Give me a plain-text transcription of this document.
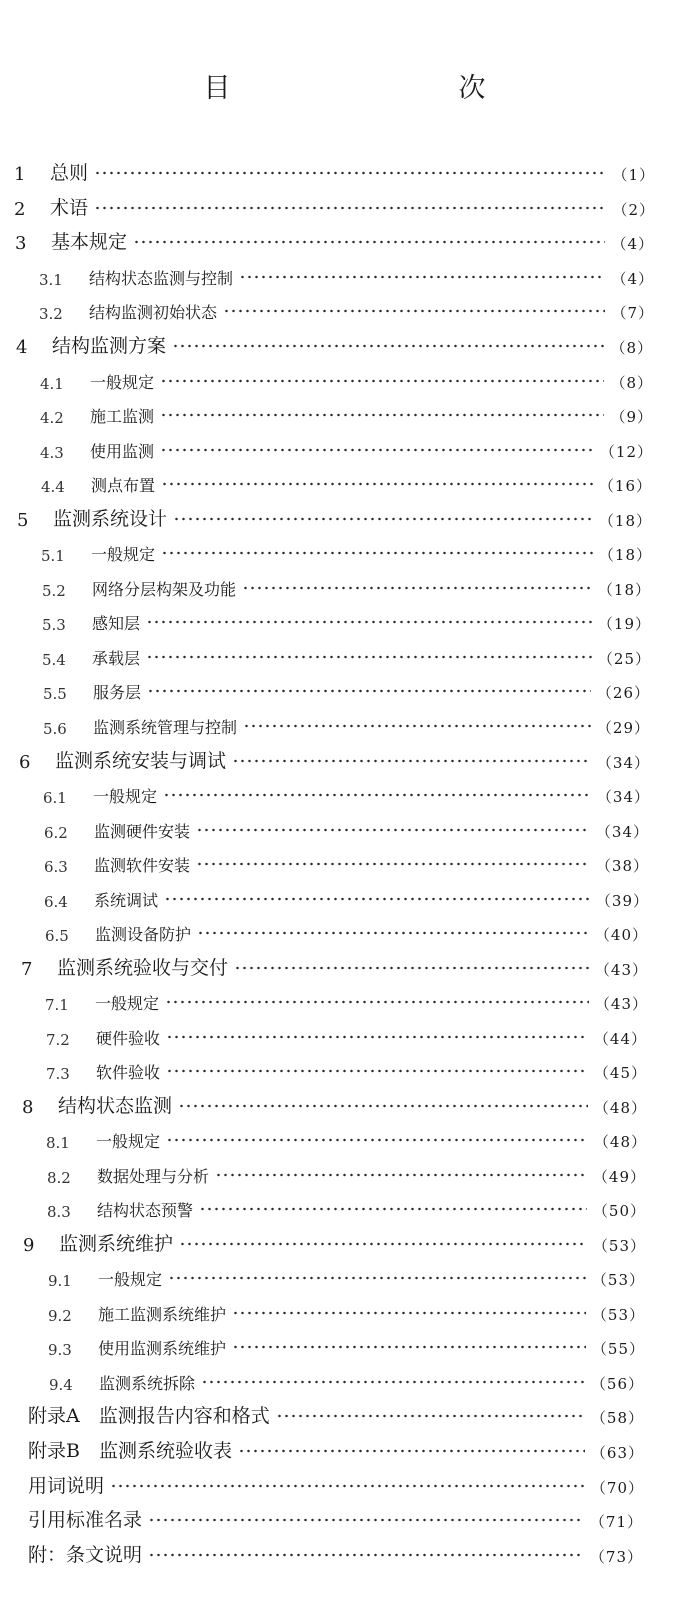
目　　次
1	总则	（1）
2	术语	（2）
3	基本规定	（4）
3.1	结构状态监测与控制	（4）
3.2	结构监测初始状态	（7）
4	结构监测方案	（8）
4.1	一般规定	（8）
4.2	施工监测	（9）
4.3	使用监测	（12）
4.4	测点布置	（16）
5	监测系统设计	（18）
5.1	一般规定	（18）
5.2	网络分层构架及功能	（18）
5.3	感知层	（19）
5.4	承载层	（25）
5.5	服务层	（26）
5.6	监测系统管理与控制	（29）
6	监测系统安装与调试	（34）
6.1	一般规定	（34）
6.2	监测硬件安装	（34）
6.3	监测软件安装	（38）
6.4	系统调试	（39）
6.5	监测设备防护	（40）
7	监测系统验收与交付	（43）
7.1	一般规定	（43）
7.2	硬件验收	（44）
7.3	软件验收	（45）
8	结构状态监测	（48）
8.1	一般规定	（48）
8.2	数据处理与分析	（49）
8.3	结构状态预警	（50）
9	监测系统维护	（53）
9.1	一般规定	（53）
9.2	施工监测系统维护	（53）
9.3	使用监测系统维护	（55）
9.4	监测系统拆除	（56）
附录A　监测报告内容和格式	（58）
附录B　监测系统验收表	（63）
用词说明	（70）
引用标准名录	（71）
附：条文说明	（73）
